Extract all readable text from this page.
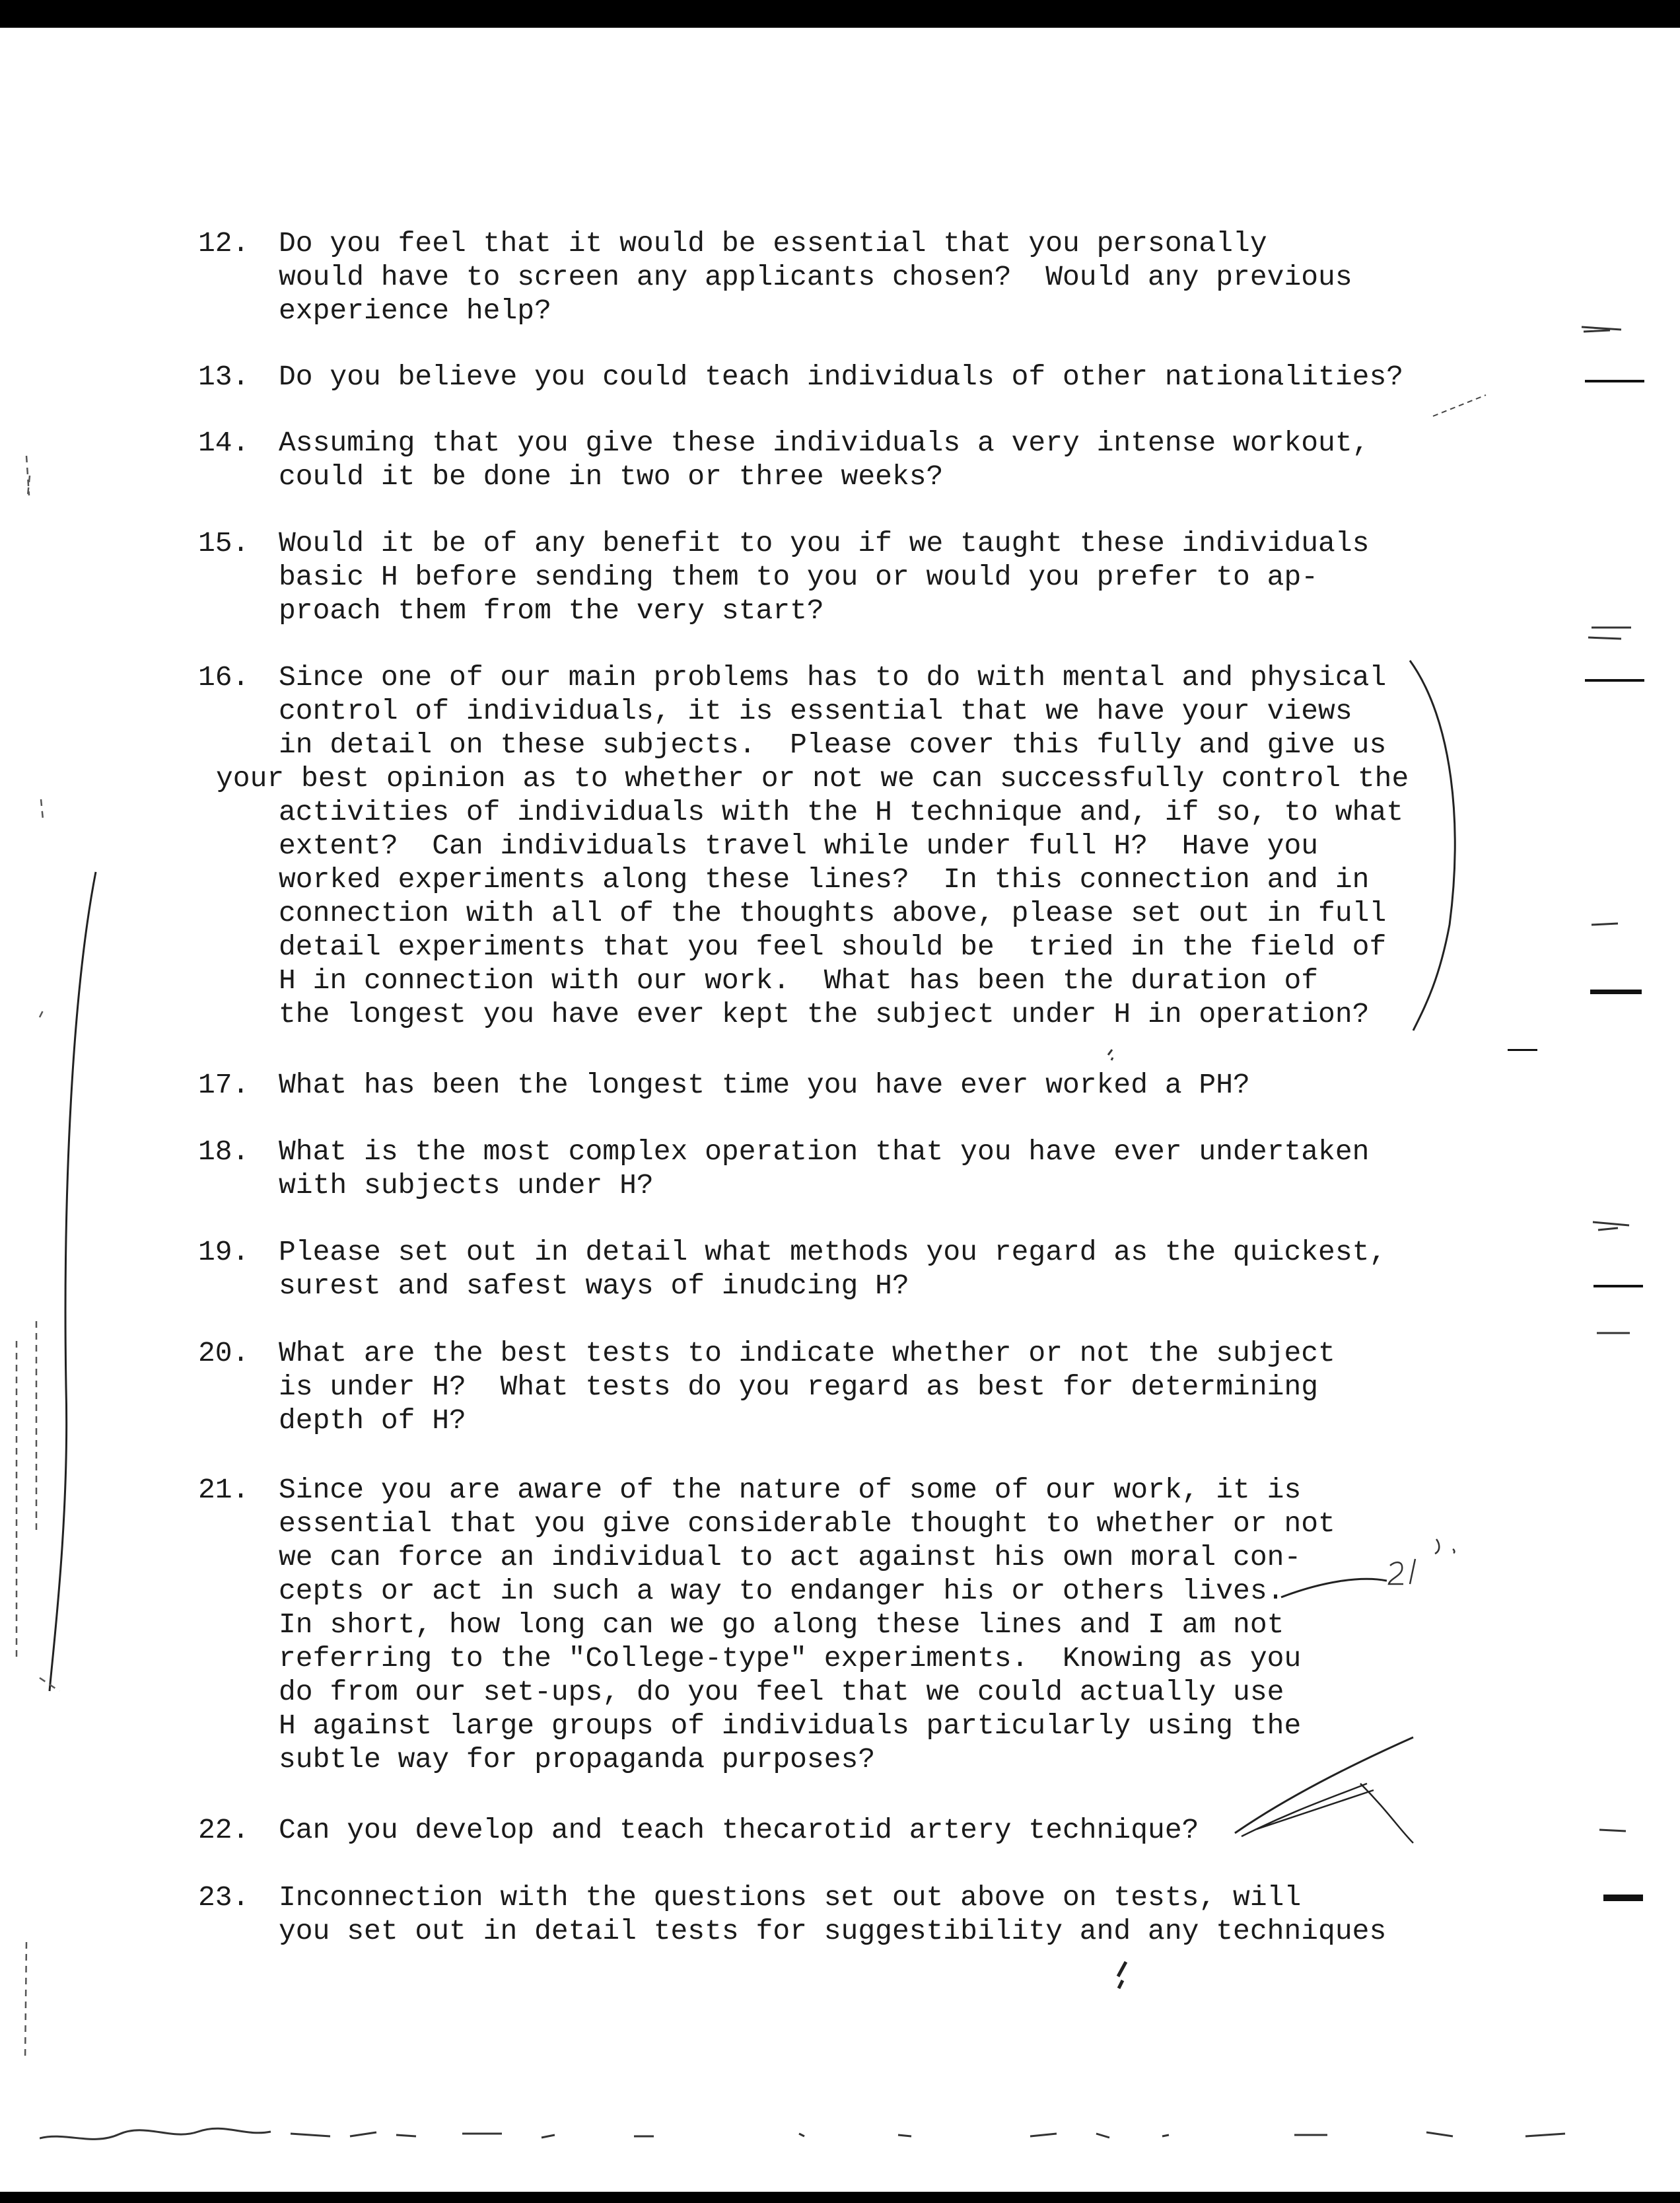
12.	Do you feel that it would be essential that you personally
would have to screen any applicants chosen?  Would any previous
experience help?
13.	Do you believe you could teach individuals of other nationalities?
14.	Assuming that you give these individuals a very intense workout,
could it be done in two or three weeks?
15.	Would it be of any benefit to you if we taught these individuals
basic H before sending them to you or would you prefer to ap-
proach them from the very start?
16.	Since one of our main problems has to do with mental and physical
control of individuals, it is essential that we have your views
in detail on these subjects.  Please cover this fully and give us
your best opinion as to whether or not we can successfully control the
activities of individuals with the H technique and, if so, to what
extent?  Can individuals travel while under full H?  Have you
worked experiments along these lines?  In this connection and in
connection with all of the thoughts above, please set out in full
detail experiments that you feel should be  tried in the field of
H in connection with our work.  What has been the duration of
the longest you have ever kept the subject under H in operation?
17.	What has been the longest time you have ever worked a PH?
18.	What is the most complex operation that you have ever undertaken
with subjects under H?
19.	Please set out in detail what methods you regard as the quickest,
surest and safest ways of inudcing H?
20.	What are the best tests to indicate whether or not the subject
is under H?  What tests do you regard as best for determining
depth of H?
21.	Since you are aware of the nature of some of our work, it is
essential that you give considerable thought to whether or not
we can force an individual to act against his own moral con-
cepts or act in such a way to endanger his or others lives.
In short, how long can we go along these lines and I am not
referring to the "College-type" experiments.  Knowing as you
do from our set-ups, do you feel that we could actually use
H against large groups of individuals particularly using the
subtle way for propaganda purposes?
22.	Can you develop and teach thecarotid artery technique?
23.	Inconnection with the questions set out above on tests, will
you set out in detail tests for suggestibility and any techniques
